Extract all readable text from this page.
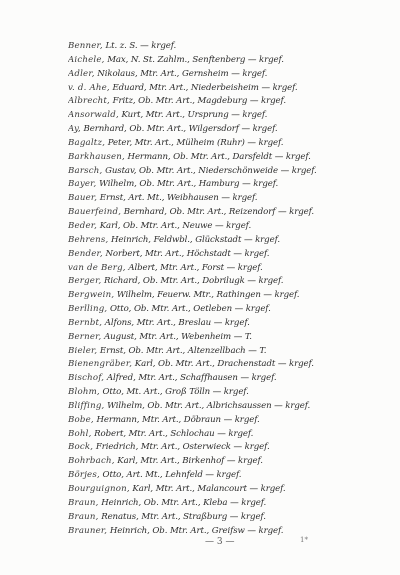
Benner, Lt. z. S. — krgef.
Aichele, Max, N. St. Zahlm., Senftenberg — krgef.
Adler, Nikolaus, Mtr. Art., Gernsheim — krgef.
v. d. Ahe, Eduard, Mtr. Art., Niederbeisheim — krgef.
Albrecht, Fritz, Ob. Mtr. Art., Magdeburg — krgef.
Ansorwald, Kurt, Mtr. Art., Ursprung — krgef.
Ay, Bernhard, Ob. Mtr. Art., Wilgersdorf — krgef.
Bagaltz, Peter, Mtr. Art., Mülheim (Ruhr) — krgef.
Barkhausen, Hermann, Ob. Mtr. Art., Darsfeldt — krgef.
Barsch, Gustav, Ob. Mtr. Art., Niederschönweide — krgef.
Bayer, Wilhelm, Ob. Mtr. Art., Hamburg — krgef.
Bauer, Ernst, Art. Mt., Weibhausen — krgef.
Bauerfeind, Bernhard, Ob. Mtr. Art., Reizendorf — krgef.
Beder, Karl, Ob. Mtr. Art., Neuwe — krgef.
Behrens, Heinrich, Feldwbl., Glückstadt — krgef.
Bender, Norbert, Mtr. Art., Höchstadt — krgef.
van de Berg, Albert, Mtr. Art., Forst — krgef.
Berger, Richard, Ob. Mtr. Art., Dobrilugk — krgef.
Bergwein, Wilhelm, Feuerw. Mtr., Rathingen — krgef.
Berlling, Otto, Ob. Mtr. Art., Oetleben — krgef.
Bernbt, Alfons, Mtr. Art., Breslau — krgef.
Berner, August, Mtr. Art., Webenheim — T.
Bieler, Ernst, Ob. Mtr. Art., Altenzellbach — T.
Bienengräber, Karl, Ob. Mtr. Art., Drachenstadt — krgef.
Bischof, Alfred, Mtr. Art., Schaffhausen — krgef.
Blohm, Otto, Mt. Art., Groß Tölln — krgef.
Bliffing, Wilhelm, Ob. Mtr. Art., Albrichsaussen — krgef.
Bobe, Hermann, Mtr. Art., Döbraun — krgef.
Bohl, Robert, Mtr. Art., Schlochau — krgef.
Bock, Friedrich, Mtr. Art., Osterwieck — krgef.
Bohrbach, Karl, Mtr. Art., Birkenhof — krgef.
Börjes, Otto, Art. Mt., Lehnfeld — krgef.
Bourguignon, Karl, Mtr. Art., Malancourt — krgef.
Braun, Heinrich, Ob. Mtr. Art., Kleba — krgef.
Braun, Renatus, Mtr. Art., Straßburg — krgef.
Brauner, Heinrich, Ob. Mtr. Art., Greifsw — krgef.
— 3 —	1*
